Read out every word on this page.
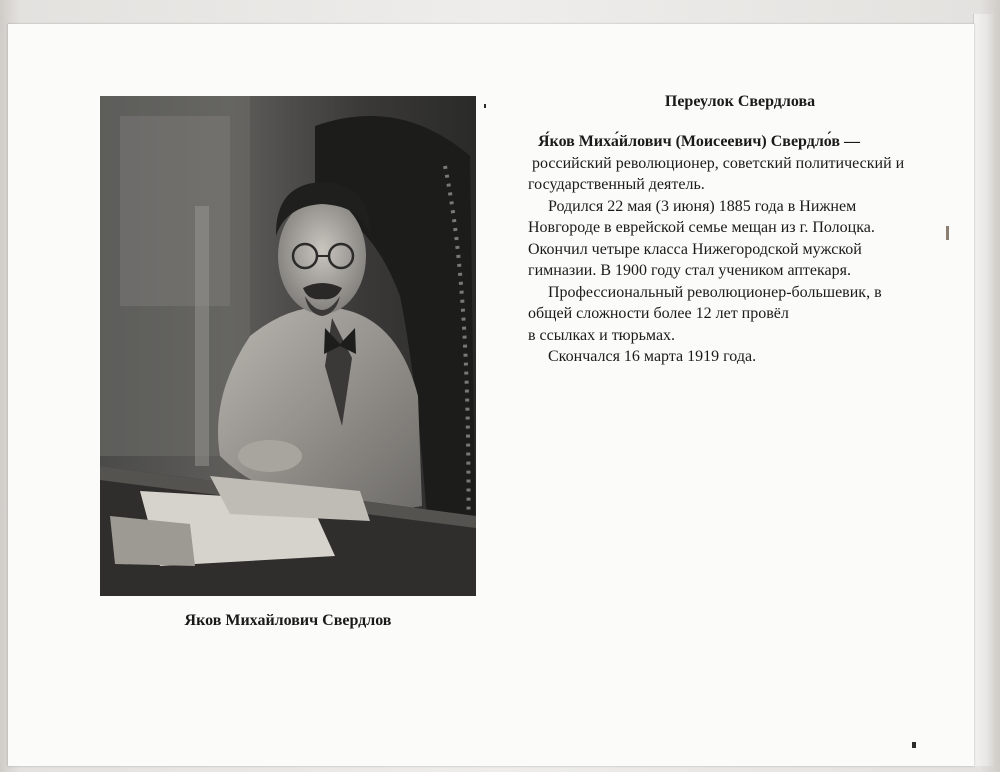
Яков Михайлович Свердлов
Переулок Свердлова

Я́ков Миха́йлович (Моисеевич) Свердло́в —

российский революционер, советский политический и

государственный деятель.

Родился 22 мая (3 июня) 1885 года в Нижнем

Новгороде в еврейской семье мещан из г. Полоцка.

Окончил четыре класса Нижегородской мужской

гимназии. В 1900 году стал учеником аптекаря.

Профессиональный революционер-большевик, в

общей сложности более 12 лет провёл

в ссылках и тюрьмах.

Скончался 16 марта 1919 года.
